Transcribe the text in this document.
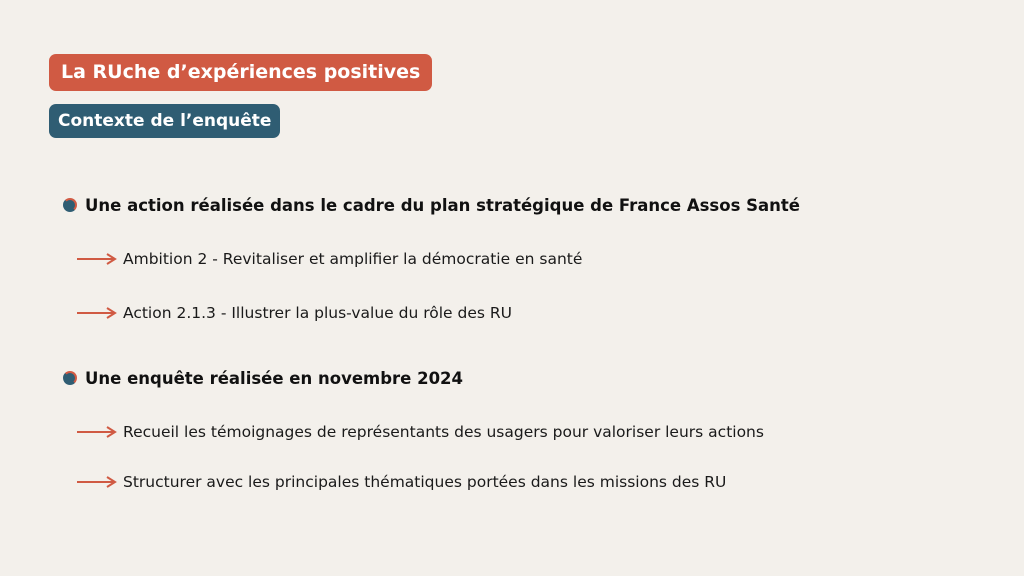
La RUche d’expériences positives
Contexte de l’enquête
Une action réalisée dans le cadre du plan stratégique de France Assos Santé
Ambition 2 - Revitaliser et amplifier la démocratie en santé
Action 2.1.3 - Illustrer la plus-value du rôle des RU
Une enquête réalisée en novembre 2024
Recueil les témoignages de représentants des usagers pour valoriser leurs actions
Structurer avec les principales thématiques portées dans les missions des RU
